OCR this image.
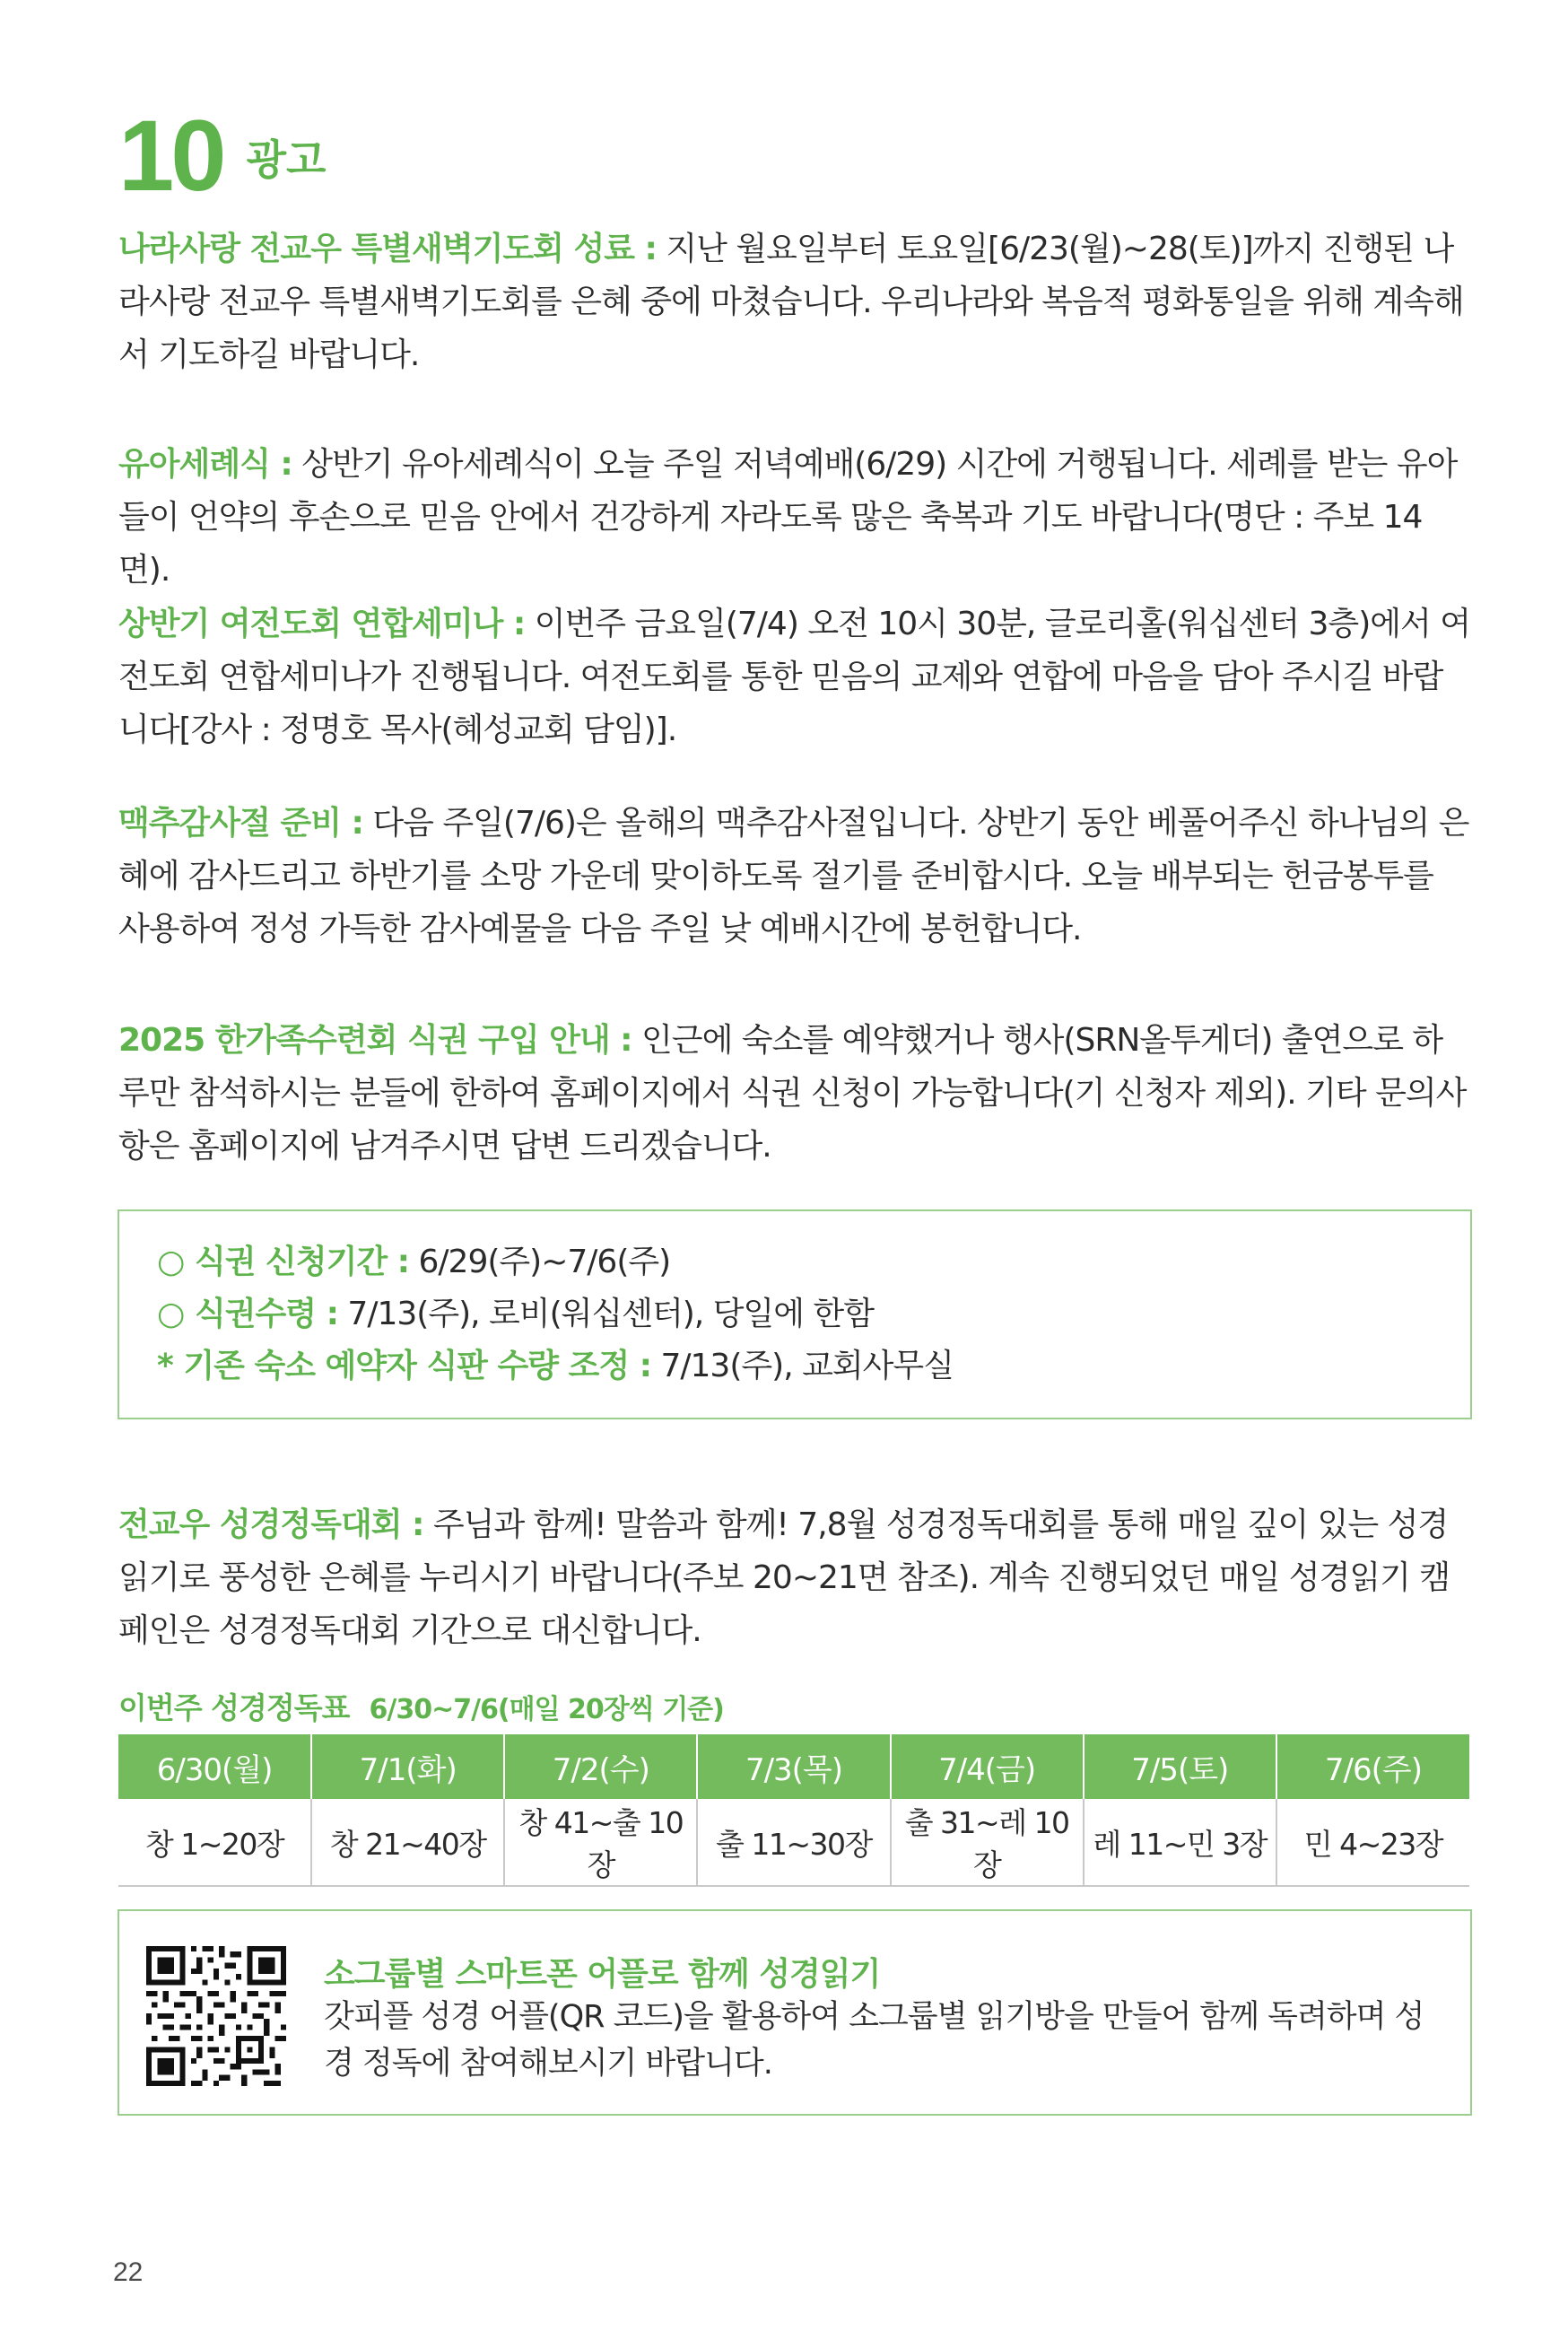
10 광고

나라사랑 전교우 특별새벽기도회 성료 : 지난 월요일부터 토요일[6/23(월)~28(토)]까지 진행된 나라사랑 전교우 특별새벽기도회를 은혜 중에 마쳤습니다. 우리나라와 복음적 평화통일을 위해 계속해서 기도하길 바랍니다.

유아세례식 : 상반기 유아세례식이 오늘 주일 저녁예배(6/29) 시간에 거행됩니다. 세례를 받는 유아들이 언약의 후손으로 믿음 안에서 건강하게 자라도록 많은 축복과 기도 바랍니다(명단 : 주보 14면).

상반기 여전도회 연합세미나 : 이번주 금요일(7/4) 오전 10시 30분, 글로리홀(워십센터 3층)에서 여전도회 연합세미나가 진행됩니다. 여전도회를 통한 믿음의 교제와 연합에 마음을 담아 주시길 바랍니다[강사 : 정명호 목사(혜성교회 담임)].

맥추감사절 준비 : 다음 주일(7/6)은 올해의 맥추감사절입니다. 상반기 동안 베풀어주신 하나님의 은혜에 감사드리고 하반기를 소망 가운데 맞이하도록 절기를 준비합시다. 오늘 배부되는 헌금봉투를 사용하여 정성 가득한 감사예물을 다음 주일 낮 예배시간에 봉헌합니다.

2025 한가족수련회 식권 구입 안내 : 인근에 숙소를 예약했거나 행사(SRN올투게더) 출연으로 하루만 참석하시는 분들에 한하여 홈페이지에서 식권 신청이 가능합니다(기 신청자 제외). 기타 문의사항은 홈페이지에 남겨주시면 답변 드리겠습니다.

○ 식권 신청기간 : 6/29(주)~7/6(주)
○ 식권수령 : 7/13(주), 로비(워십센터), 당일에 한함
* 기존 숙소 예약자 식판 수량 조정 : 7/13(주), 교회사무실

전교우 성경정독대회 : 주님과 함께! 말씀과 함께! 7,8월 성경정독대회를 통해 매일 깊이 있는 성경읽기로 풍성한 은혜를 누리시기 바랍니다(주보 20~21면 참조). 계속 진행되었던 매일 성경읽기 캠페인은 성경정독대회 기간으로 대신합니다.

이번주 성경정독표 6/30~7/6(매일 20장씩 기준)
6/30(월)	7/1(화)	7/2(수)	7/3(목)	7/4(금)	7/5(토)	7/6(주)
창 1~20장	창 21~40장	창 41~출 10장	출 11~30장	출 31~레 10장	레 11~민 3장	민 4~23장
소그룹별 스마트폰 어플로 함께 성경읽기
갓피플 성경 어플(QR 코드)을 활용하여 소그룹별 읽기방을 만들어 함께 독려하며 성경 정독에 참여해보시기 바랍니다.
22
